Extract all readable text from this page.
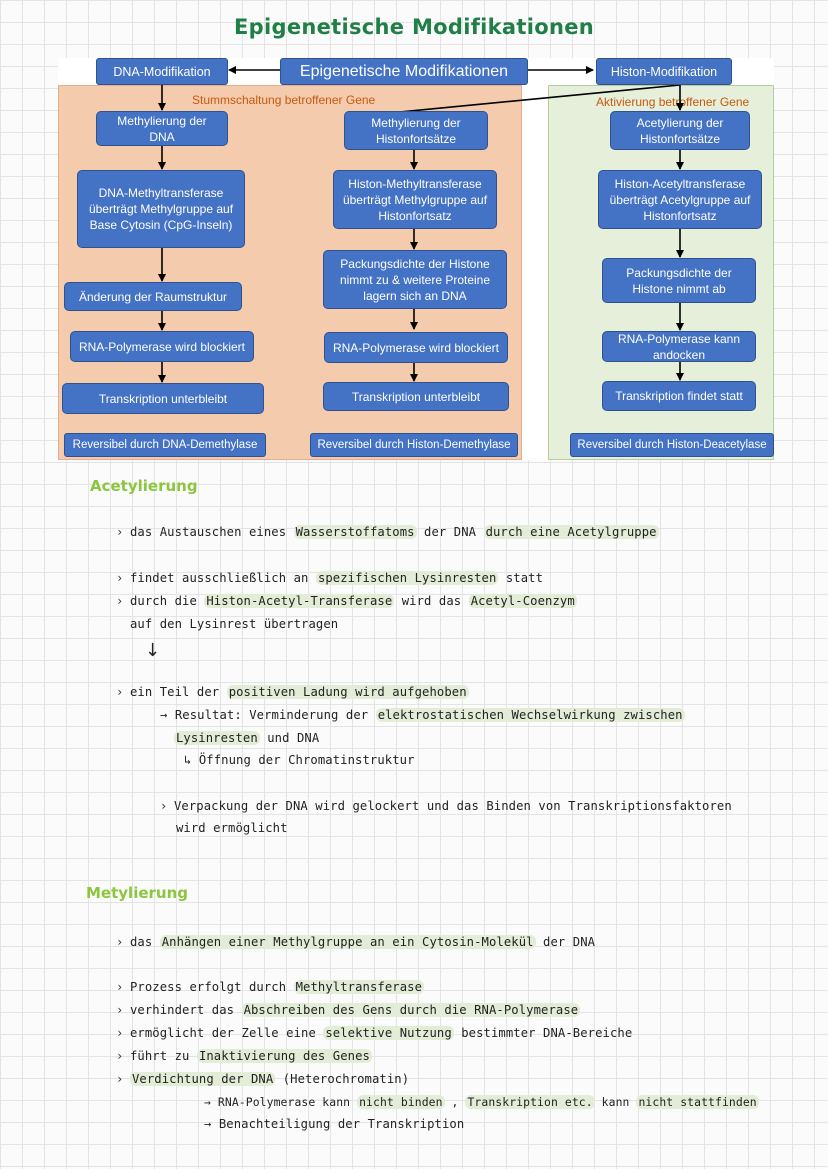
Epigenetische Modifikationen
Stummschaltung betroffener Gene	Aktivierung betroffener Gene
DNA-Modifikation	Epigenetische Modifikationen	Histon-Modifikation
Methylierung der DNA
DNA-Methyltransferase überträgt Methylgruppe auf Base Cytosin (CpG-Inseln)
Änderung der Raumstruktur
RNA-Polymerase wird blockiert
Transkription unterbleibt
Reversibel durch DNA-Demethylase
Methylierung der Histonfortsätze
Histon-Methyltransferase überträgt Methylgruppe auf Histonfortsatz
Packungsdichte der Histone nimmt zu & weitere Proteine lagern sich an DNA
RNA-Polymerase wird blockiert
Transkription unterbleibt
Reversibel durch Histon-Demethylase
Acetylierung der Histonfortsätze
Histon-Acetyltransferase überträgt Acetylgruppe auf Histonfortsatz
Packungsdichte der Histone nimmt ab
RNA-Polymerase kann andocken
Transkription findet statt
Reversibel durch Histon-Deacetylase
Acetylierung
› das Austauschen eines Wasserstoffatoms der DNA durch eine Acetylgruppe
› findet ausschließlich an spezifischen Lysinresten statt
› durch die Histon-Acetyl-Transferase wird das Acetyl-Coenzym
auf den Lysinrest übertragen
↓
› ein Teil der positiven Ladung wird aufgehoben
→ Resultat: Verminderung der elektrostatischen Wechselwirkung zwischen
Lysinresten und DNA
↳ Öffnung der Chromatinstruktur
› Verpackung der DNA wird gelockert und das Binden von Transkriptionsfaktoren
wird ermöglicht
Metylierung
› das Anhängen einer Methylgruppe an ein Cytosin-Molekül der DNA
› Prozess erfolgt durch Methyltransferase
› verhindert das Abschreiben des Gens durch die RNA-Polymerase
› ermöglicht der Zelle eine selektive Nutzung bestimmter DNA-Bereiche
› führt zu Inaktivierung des Genes
› Verdichtung der DNA (Heterochromatin)
→ RNA-Polymerase kann nicht binden , Transkription etc. kann nicht stattfinden
→ Benachteiligung der Transkription
